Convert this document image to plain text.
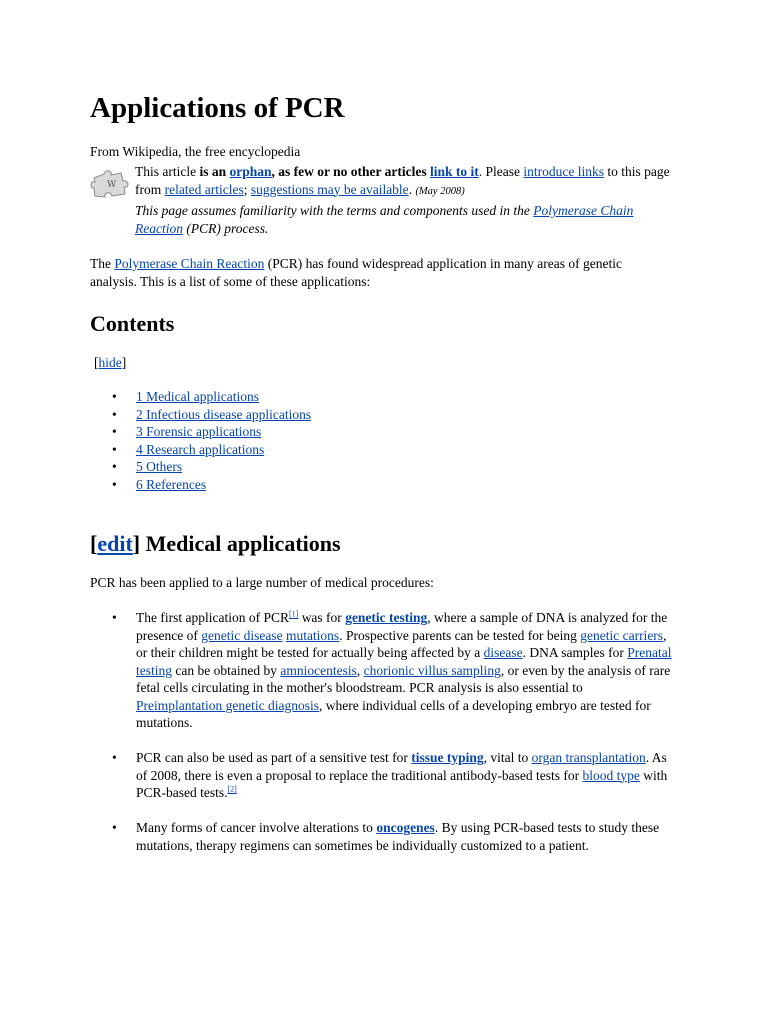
Applications of PCR
From Wikipedia, the free encyclopedia
W
This article is an orphan, as few or no other articles link to it. Please introduce links to this page from related articles; suggestions may be available. (May 2008)
This page assumes familiarity with the terms and components used in the Polymerase Chain Reaction (PCR) process.
The Polymerase Chain Reaction (PCR) has found widespread application in many areas of genetic analysis. This is a list of some of these applications:
Contents
[hide]
• 1 Medical applications
• 2 Infectious disease applications
• 3 Forensic applications
• 4 Research applications
• 5 Others
• 6 References
[edit] Medical applications
PCR has been applied to a large number of medical procedures:
• The first application of PCR[1] was for genetic testing, where a sample of DNA is analyzed for the presence of genetic disease mutations. Prospective parents can be tested for being genetic carriers, or their children might be tested for actually being affected by a disease. DNA samples for Prenatal testing can be obtained by amniocentesis, chorionic villus sampling, or even by the analysis of rare fetal cells circulating in the mother's bloodstream. PCR analysis is also essential to Preimplantation genetic diagnosis, where individual cells of a developing embryo are tested for mutations.
• PCR can also be used as part of a sensitive test for tissue typing, vital to organ transplantation. As of 2008, there is even a proposal to replace the traditional antibody-based tests for blood type with PCR-based tests.[2]
• Many forms of cancer involve alterations to oncogenes. By using PCR-based tests to study these mutations, therapy regimens can sometimes be individually customized to a patient.
